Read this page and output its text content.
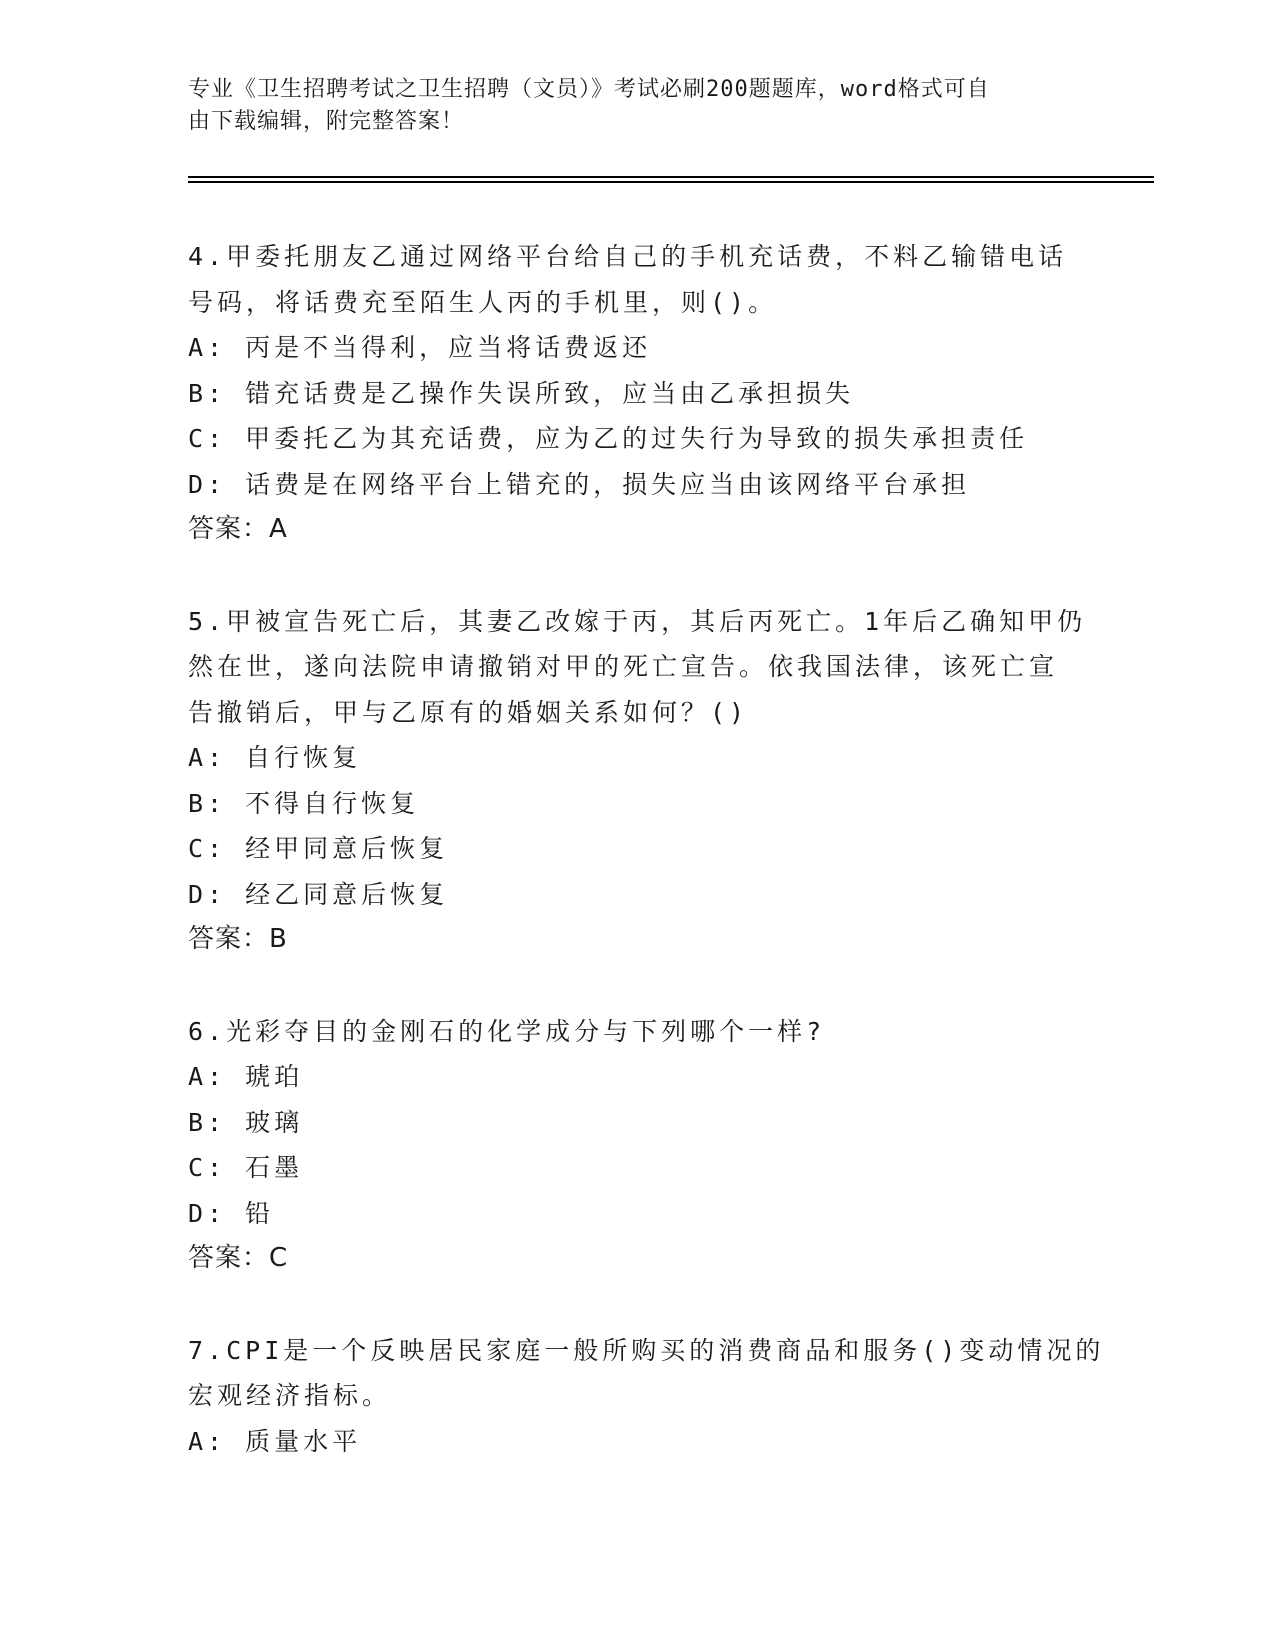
专业《卫生招聘考试之卫生招聘（文员）》考试必刷200题题库，word格式可自
由下载编辑，附完整答案！
4.甲委托朋友乙通过网络平台给自己的手机充话费，不料乙输错电话
号码，将话费充至陌生人丙的手机里，则()。
A: 丙是不当得利，应当将话费返还
B: 错充话费是乙操作失误所致，应当由乙承担损失
C: 甲委托乙为其充话费，应为乙的过失行为导致的损失承担责任
D: 话费是在网络平台上错充的，损失应当由该网络平台承担
答案：A
5.甲被宣告死亡后，其妻乙改嫁于丙，其后丙死亡。1年后乙确知甲仍
然在世，遂向法院申请撤销对甲的死亡宣告。依我国法律，该死亡宣
告撤销后，甲与乙原有的婚姻关系如何？()
A: 自行恢复
B: 不得自行恢复
C: 经甲同意后恢复
D: 经乙同意后恢复
答案：B
6.光彩夺目的金刚石的化学成分与下列哪个一样?
A: 琥珀
B: 玻璃
C: 石墨
D: 铅
答案：C
7.CPI是一个反映居民家庭一般所购买的消费商品和服务()变动情况的
宏观经济指标。
A: 质量水平
